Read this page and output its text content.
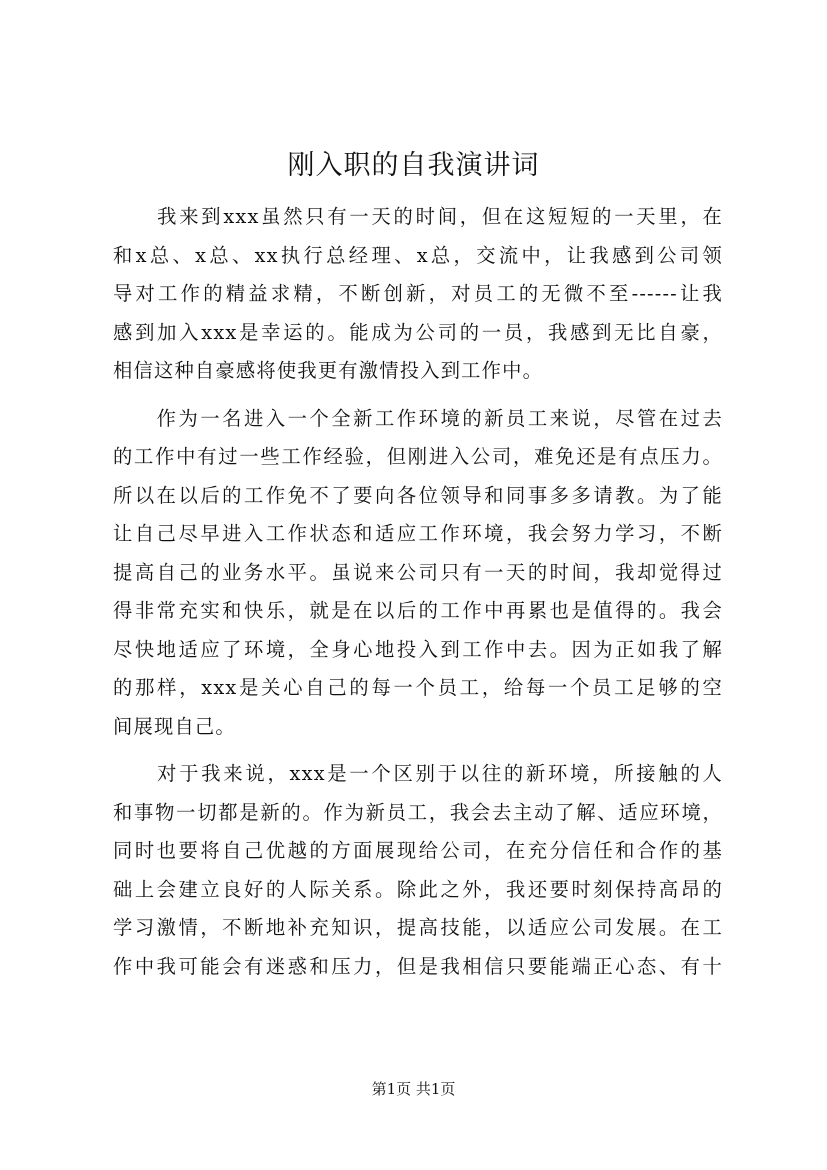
刚入职的自我演讲词
　　我来到xxx虽然只有一天的时间，但在这短短的一天里，在
和x总、x总、xx执行总经理、x总，交流中，让我感到公司领
导对工作的精益求精，不断创新，对员工的无微不至------让我
感到加入xxx是幸运的。能成为公司的一员，我感到无比自豪，
相信这种自豪感将使我更有激情投入到工作中。
　　作为一名进入一个全新工作环境的新员工来说，尽管在过去
的工作中有过一些工作经验，但刚进入公司，难免还是有点压力。
所以在以后的工作免不了要向各位领导和同事多多请教。为了能
让自己尽早进入工作状态和适应工作环境，我会努力学习，不断
提高自己的业务水平。虽说来公司只有一天的时间，我却觉得过
得非常充实和快乐，就是在以后的工作中再累也是值得的。我会
尽快地适应了环境，全身心地投入到工作中去。因为正如我了解
的那样，xxx是关心自己的每一个员工，给每一个员工足够的空
间展现自己。
　　对于我来说，xxx是一个区别于以往的新环境，所接触的人
和事物一切都是新的。作为新员工，我会去主动了解、适应环境，
同时也要将自己优越的方面展现给公司，在充分信任和合作的基
础上会建立良好的人际关系。除此之外，我还要时刻保持高昂的
学习激情，不断地补充知识，提高技能，以适应公司发展。在工
作中我可能会有迷惑和压力，但是我相信只要能端正心态、有十
第1页 共1页
